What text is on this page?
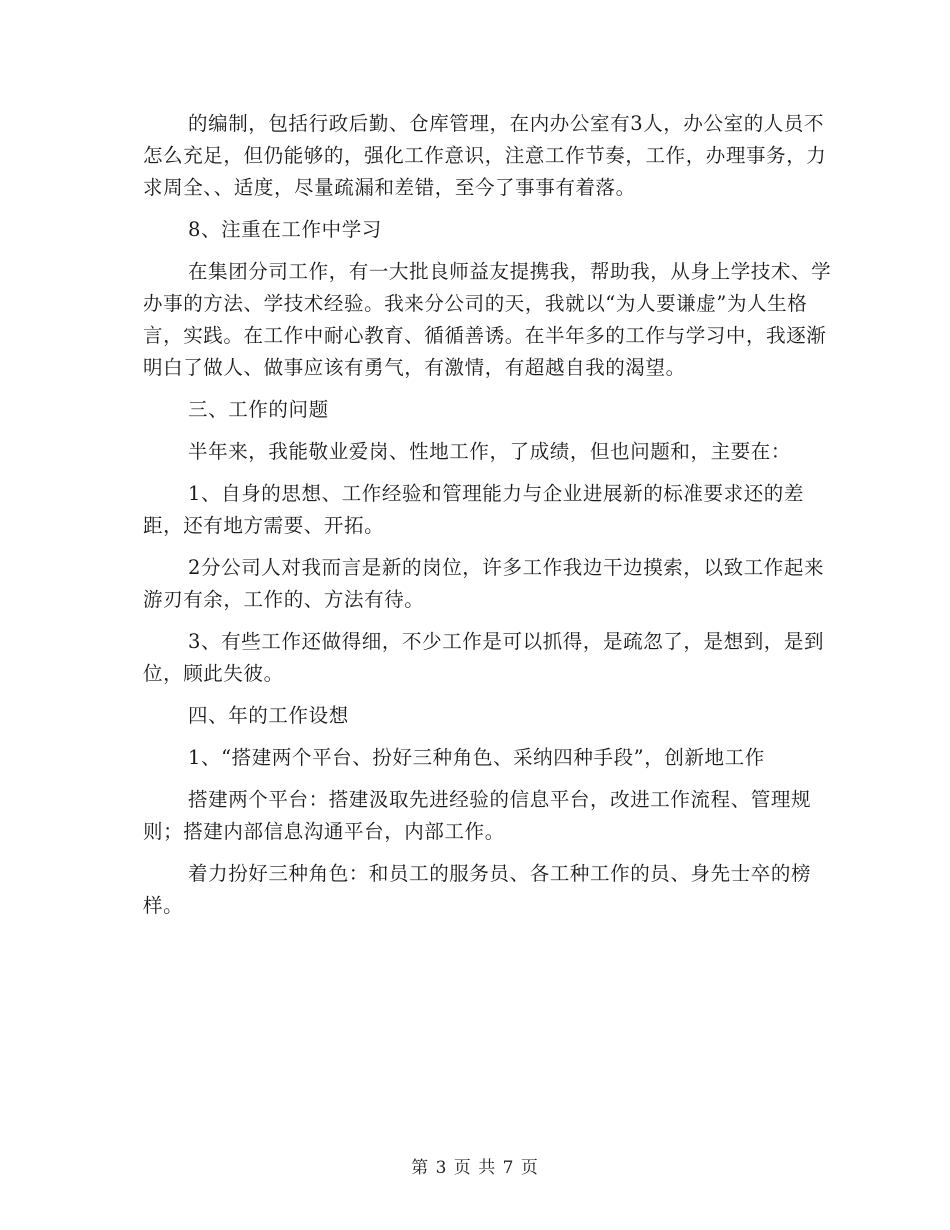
的编制，包括行政后勤、仓库管理，在内办公室有3人，办公室的人员不怎么充足，但仍能够的，强化工作意识，注意工作节奏，工作，办理事务，力求周全、、适度，尽量疏漏和差错，至今了事事有着落。

8、注重在工作中学习

在集团分司工作，有一大批良师益友提携我，帮助我，从身上学技术、学办事的方法、学技术经验。我来分公司的天，我就以“为人要谦虚”为人生格言，实践。在工作中耐心教育、循循善诱。在半年多的工作与学习中，我逐渐明白了做人、做事应该有勇气，有激情，有超越自我的渴望。

三、工作的问题

半年来，我能敬业爱岗、性地工作，了成绩，但也问题和，主要在：

1、自身的思想、工作经验和管理能力与企业进展新的标准要求还的差距，还有地方需要、开拓。

2分公司人对我而言是新的岗位，许多工作我边干边摸索，以致工作起来游刃有余，工作的、方法有待。

3、有些工作还做得细，不少工作是可以抓得，是疏忽了，是想到，是到位，顾此失彼。

四、年的工作设想

1、“搭建两个平台、扮好三种角色、采纳四种手段”，创新地工作

搭建两个平台：搭建汲取先进经验的信息平台，改进工作流程、管理规则；搭建内部信息沟通平台，内部工作。

着力扮好三种角色：和员工的服务员、各工种工作的员、身先士卒的榜样。

第 3 页 共 7 页
